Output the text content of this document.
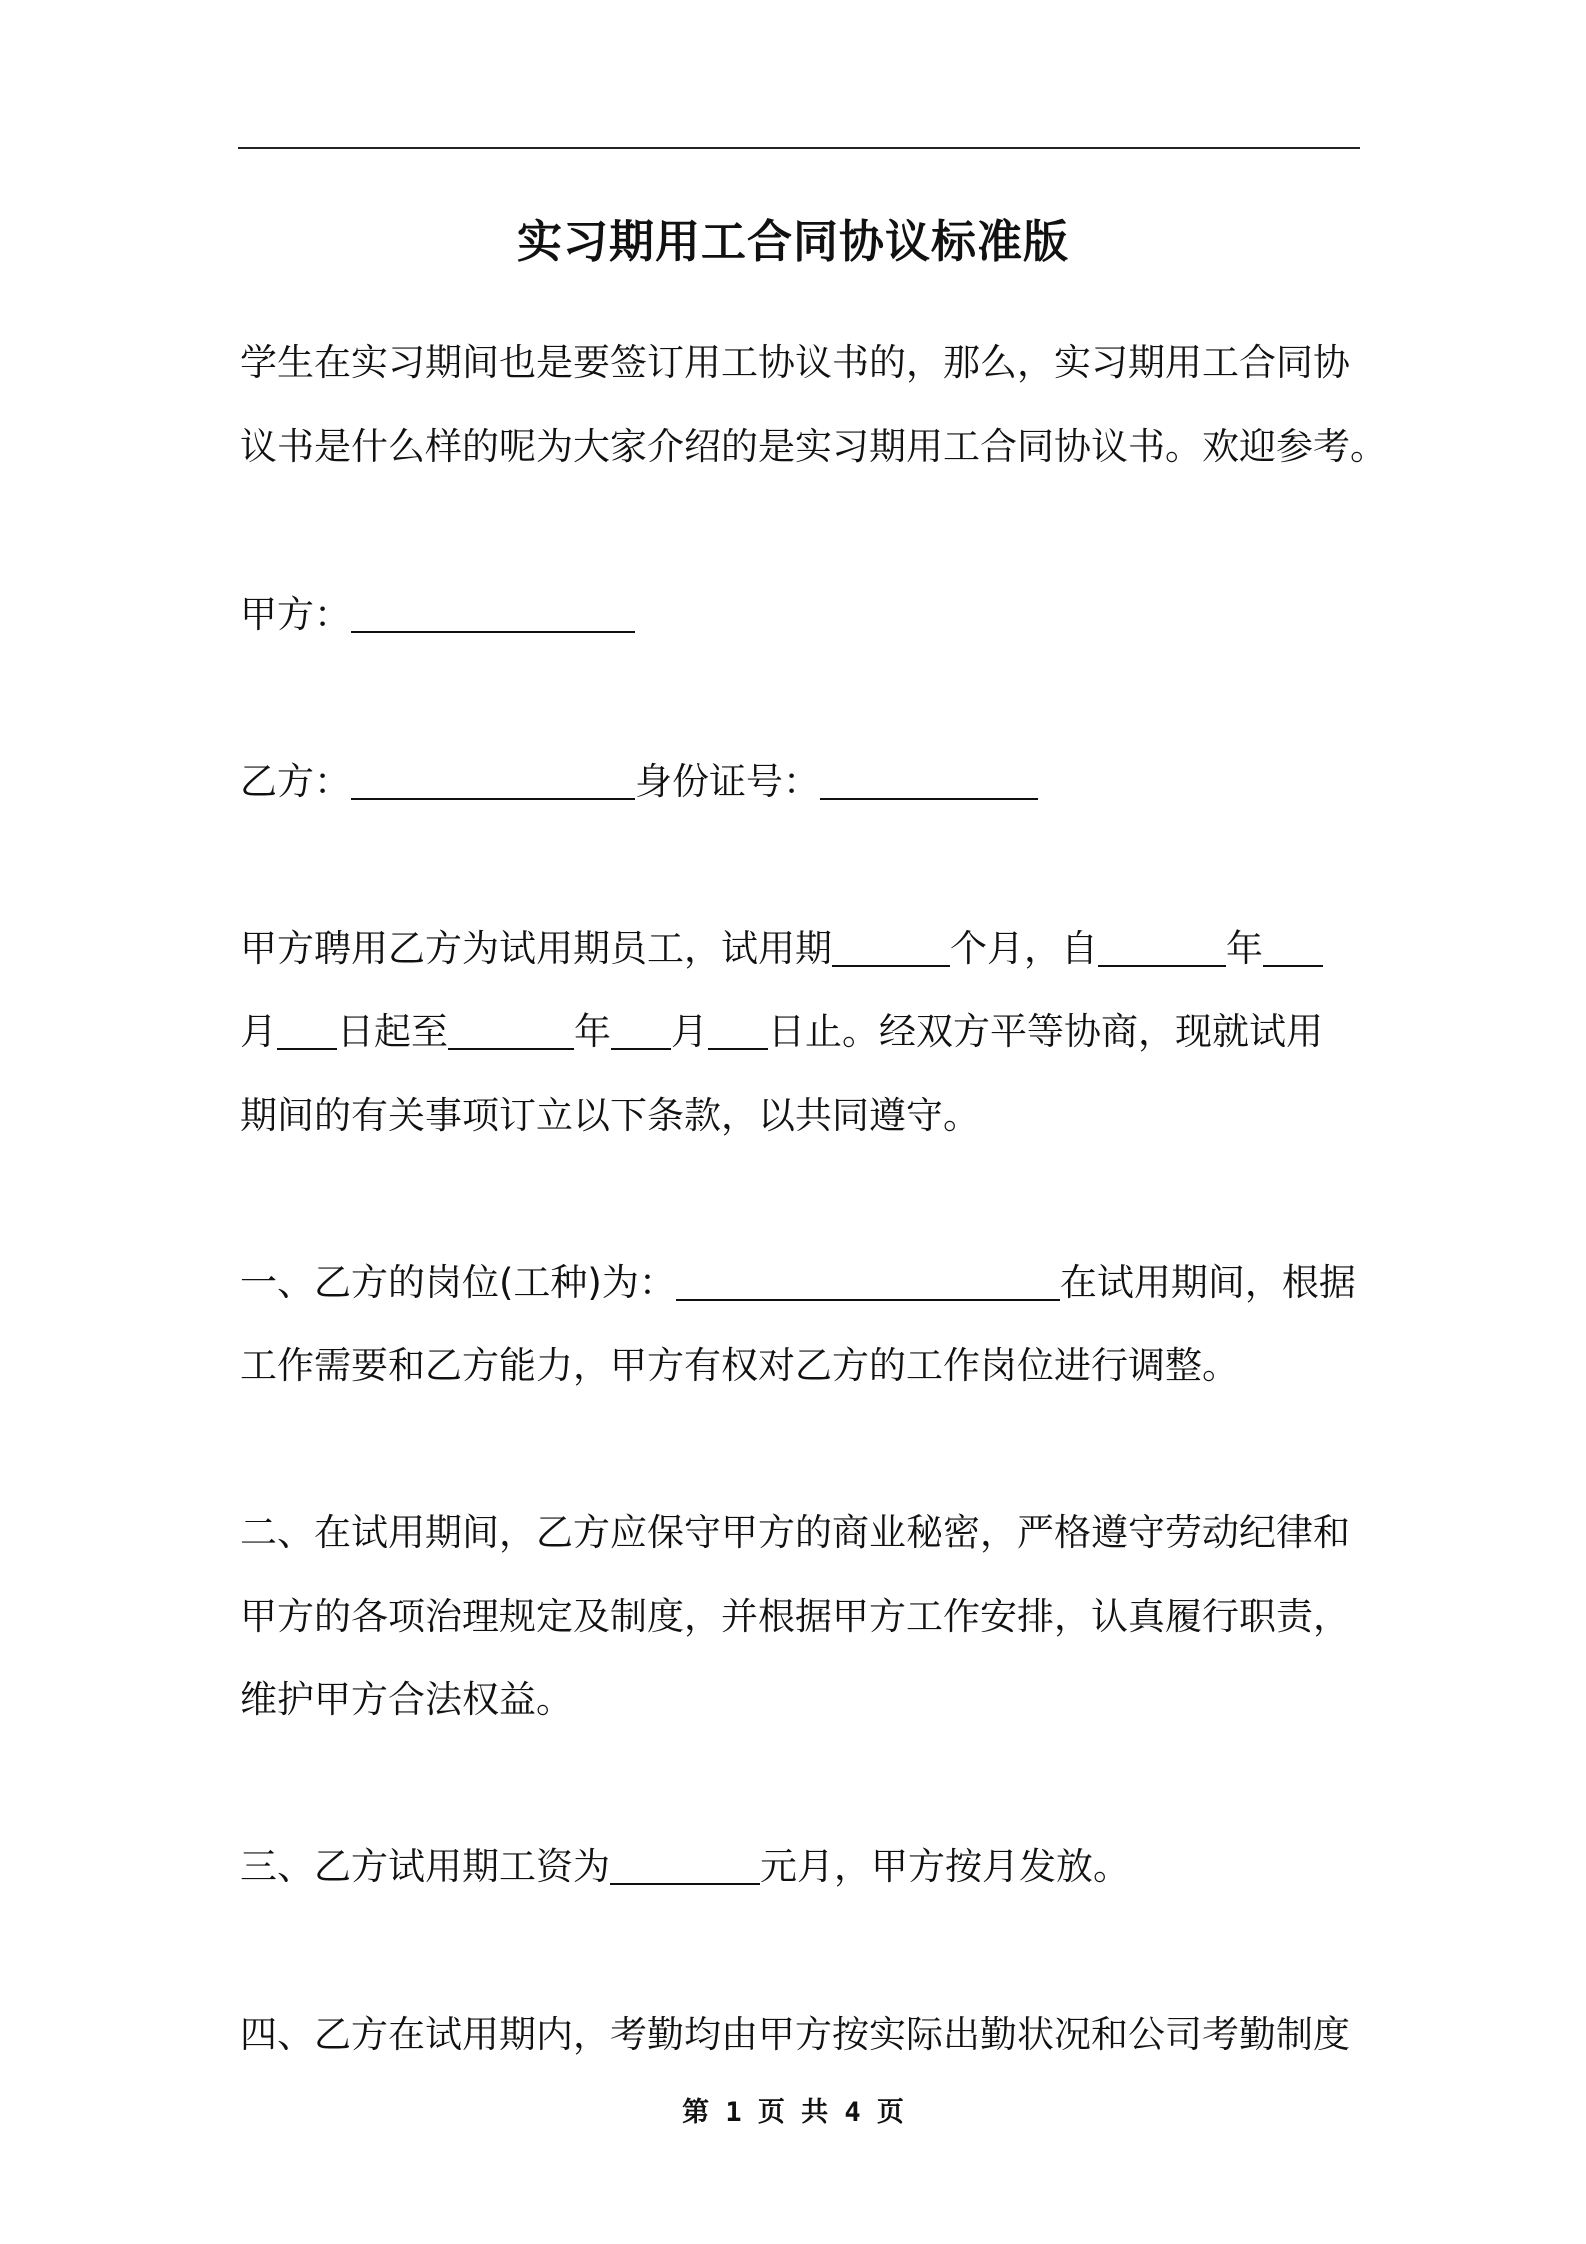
实习期用工合同协议标准版
学生在实习期间也是要签订用工协议书的，那么，实习期用工合同协
议书是什么样的呢为大家介绍的是实习期用工合同协议书。欢迎参考。
甲方：
乙方：	身份证号：
甲方聘用乙方为试用期员工，试用期	个月，自	年
月 日起至	年 月 日止。经双方平等协商，现就试用
期间的有关事项订立以下条款，以共同遵守。
一、乙方的岗位(工种)为：	在试用期间，根据
工作需要和乙方能力，甲方有权对乙方的工作岗位进行调整。
二、在试用期间，乙方应保守甲方的商业秘密，严格遵守劳动纪律和
甲方的各项治理规定及制度，并根据甲方工作安排，认真履行职责，
维护甲方合法权益。
三、乙方试用期工资为	元月，甲方按月发放。
四、乙方在试用期内，考勤均由甲方按实际出勤状况和公司考勤制度
第 1 页 共 4 页
